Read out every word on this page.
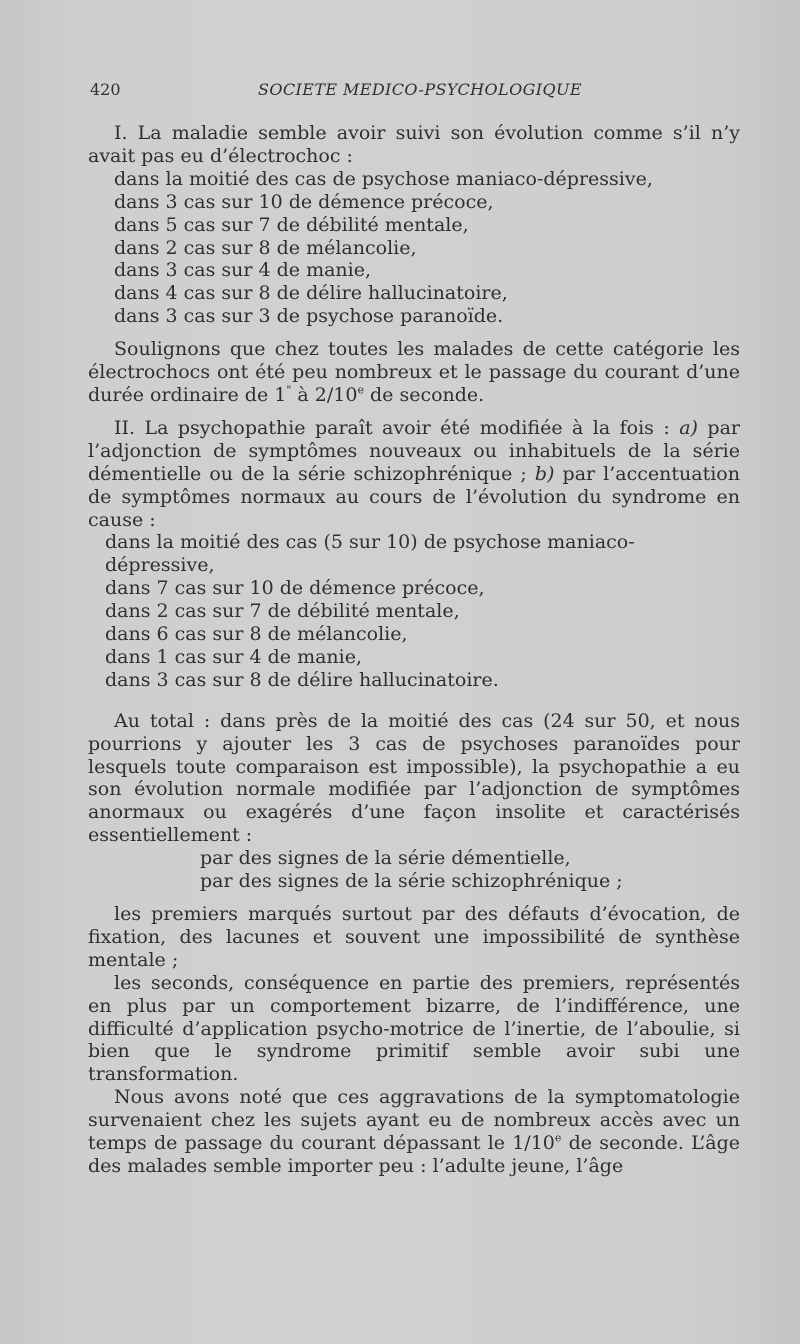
420	SOCIETE MEDICO-PSYCHOLOGIQUE

I. La maladie semble avoir suivi son évolution comme s’il n’y avait pas eu d’électrochoc :

dans la moitié des cas de psychose maniaco-dépressive,
dans 3 cas sur 10 de démence précoce,
dans 5 cas sur 7 de débilité mentale,
dans 2 cas sur 8 de mélancolie,
dans 3 cas sur 4 de manie,
dans 4 cas sur 8 de délire hallucinatoire,
dans 3 cas sur 3 de psychose paranoïde.

Soulignons que chez toutes les malades de cette catégorie les électrochocs ont été peu nombreux et le passage du courant d’une durée ordinaire de 1" à 2/10e de seconde.

II. La psychopathie paraît avoir été modifiée à la fois : a) par l’adjonction de symptômes nouveaux ou inhabituels de la série démentielle ou de la série schizophrénique ; b) par l’accentuation de symptômes normaux au cours de l’évolution du syndrome en cause :

dans la moitié des cas (5 sur 10) de psychose maniaco-dépressive,
dans 7 cas sur 10 de démence précoce,
dans 2 cas sur 7 de débilité mentale,
dans 6 cas sur 8 de mélancolie,
dans 1 cas sur 4 de manie,
dans 3 cas sur 8 de délire hallucinatoire.

Au total : dans près de la moitié des cas (24 sur 50, et nous pourrions y ajouter les 3 cas de psychoses paranoïdes pour lesquels toute comparaison est impossible), la psychopathie a eu son évolution normale modifiée par l’adjonction de symptômes anormaux ou exagérés d’une façon insolite et caractérisés essentiellement :

par des signes de la série démentielle,
par des signes de la série schizophrénique ;

les premiers marqués surtout par des défauts d’évocation, de fixation, des lacunes et souvent une impossibilité de synthèse mentale ;

les seconds, conséquence en partie des premiers, représentés en plus par un comportement bizarre, de l’indifférence, une difficulté d’application psycho-motrice de l’inertie, de l’aboulie, si bien que le syndrome primitif semble avoir subi une transformation.

Nous avons noté que ces aggravations de la symptomatologie survenaient chez les sujets ayant eu de nombreux accès avec un temps de passage du courant dépassant le 1/10e de seconde. L’âge des malades semble importer peu : l’adulte jeune, l’âge
